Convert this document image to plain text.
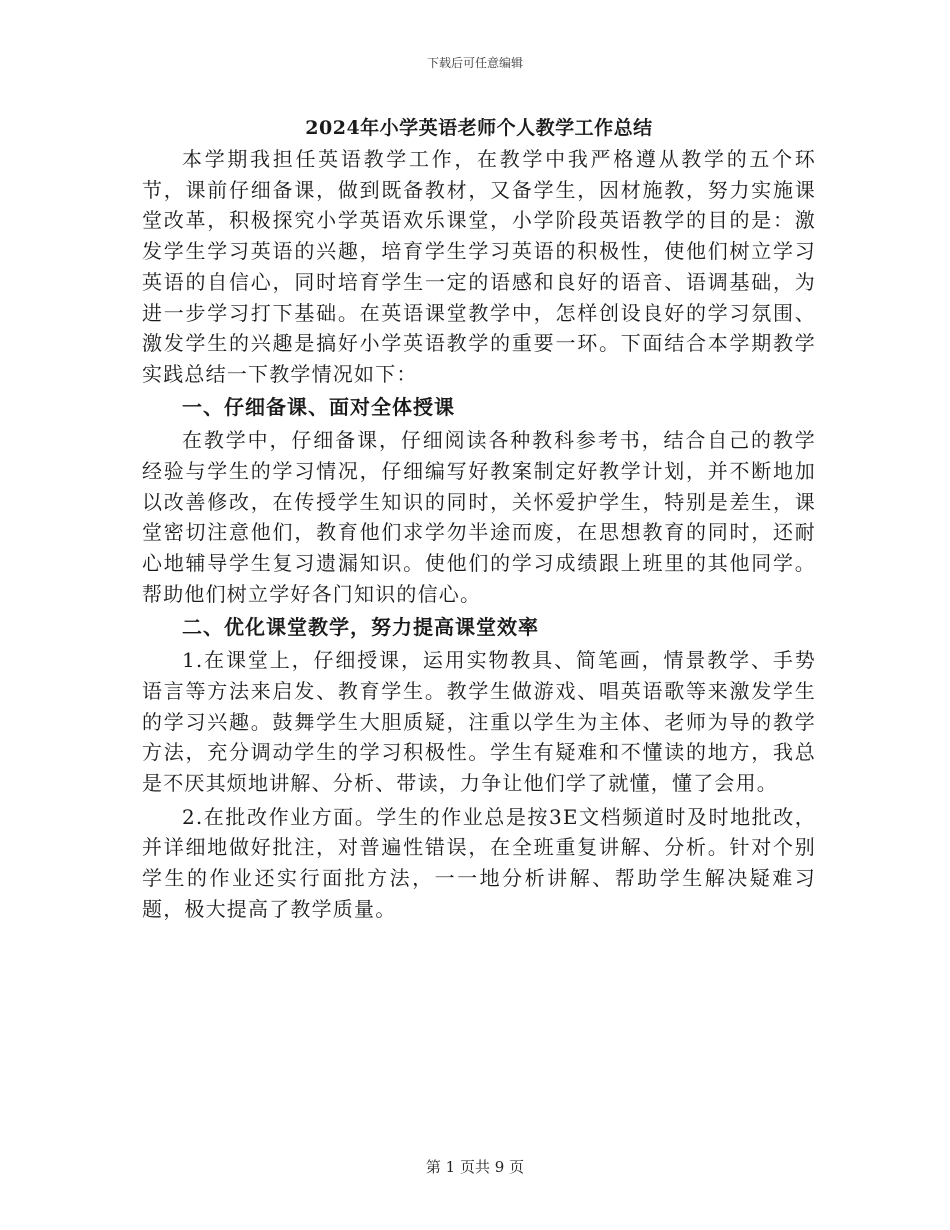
下载后可任意编辑
2024年小学英语老师个人教学工作总结

本学期我担任英语教学工作，在教学中我严格遵从教学的五个环节，课前仔细备课，做到既备教材，又备学生，因材施教，努力实施课堂改革，积极探究小学英语欢乐课堂，小学阶段英语教学的目的是：激发学生学习英语的兴趣，培育学生学习英语的积极性，使他们树立学习英语的自信心，同时培育学生一定的语感和良好的语音、语调基础，为进一步学习打下基础。在英语课堂教学中，怎样创设良好的学习氛围、激发学生的兴趣是搞好小学英语教学的重要一环。下面结合本学期教学实践总结一下教学情况如下：

一、仔细备课、面对全体授课

在教学中，仔细备课，仔细阅读各种教科参考书，结合自己的教学经验与学生的学习情况，仔细编写好教案制定好教学计划，并不断地加以改善修改，在传授学生知识的同时，关怀爱护学生，特别是差生，课堂密切注意他们，教育他们求学勿半途而废，在思想教育的同时，还耐心地辅导学生复习遗漏知识。使他们的学习成绩跟上班里的其他同学。帮助他们树立学好各门知识的信心。

二、优化课堂教学，努力提高课堂效率

1.在课堂上，仔细授课，运用实物教具、简笔画，情景教学、手势语言等方法来启发、教育学生。教学生做游戏、唱英语歌等来激发学生的学习兴趣。鼓舞学生大胆质疑，注重以学生为主体、老师为导的教学方法，充分调动学生的学习积极性。学生有疑难和不懂读的地方，我总是不厌其烦地讲解、分析、带读，力争让他们学了就懂，懂了会用。

2.在批改作业方面。学生的作业总是按3E文档频道时及时地批改，并详细地做好批注，对普遍性错误，在全班重复讲解、分析。针对个别学生的作业还实行面批方法，一一地分析讲解、帮助学生解决疑难习题，极大提高了教学质量。

第 1 页共 9 页
